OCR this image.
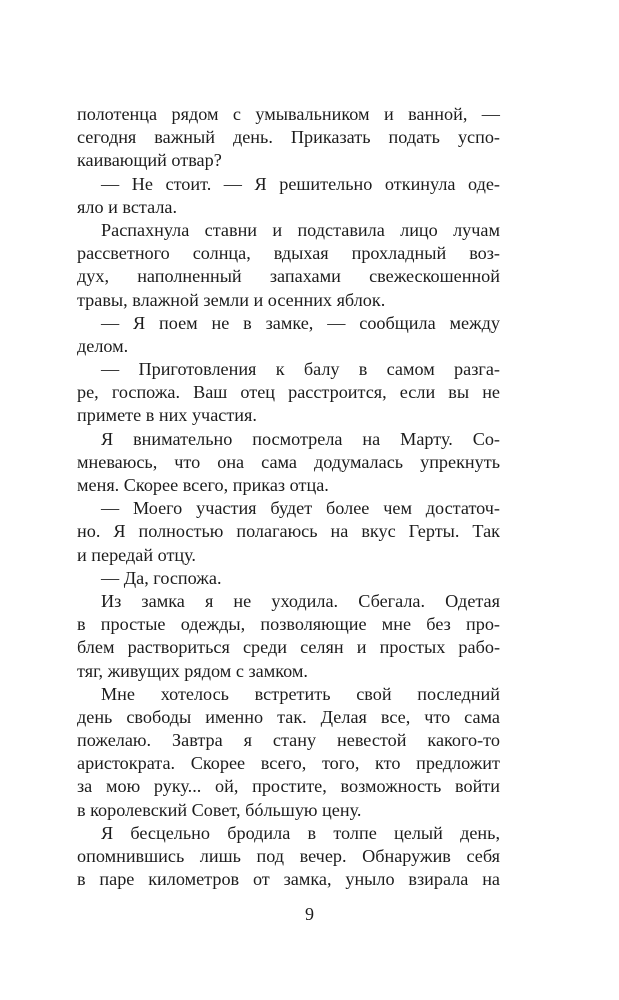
полотенца рядом с умывальником и ванной, —
сегодня важный день. Приказать подать успо-
каивающий отвар?
— Не стоит. — Я решительно откинула оде-
яло и встала.
Распахнула ставни и подставила лицо лучам
рассветного солнца, вдыхая прохладный воз-
дух, наполненный запахами свежескошенной
травы, влажной земли и осенних яблок.
— Я поем не в замке, — сообщила между
делом.
— Приготовления к балу в самом разга-
ре, госпожа. Ваш отец расстроится, если вы не
примете в них участия.
Я внимательно посмотрела на Марту. Со-
мневаюсь, что она сама додумалась упрекнуть
меня. Скорее всего, приказ отца.
— Моего участия будет более чем достаточ-
но. Я полностью полагаюсь на вкус Герты. Так
и передай отцу.
— Да, госпожа.
Из замка я не уходила. Сбегала. Одетая
в простые одежды, позволяющие мне без про-
блем раствориться среди селян и простых рабо-
тяг, живущих рядом с замком.
Мне хотелось встретить свой последний
день свободы именно так. Делая все, что сама
пожелаю. Завтра я стану невестой какого-то
аристократа. Скорее всего, того, кто предложит
за мою руку... ой, простите, возможность войти
в королевский Совет, бóльшую цену.
Я бесцельно бродила в толпе целый день,
опомнившись лишь под вечер. Обнаружив себя
в паре километров от замка, уныло взирала на
9
